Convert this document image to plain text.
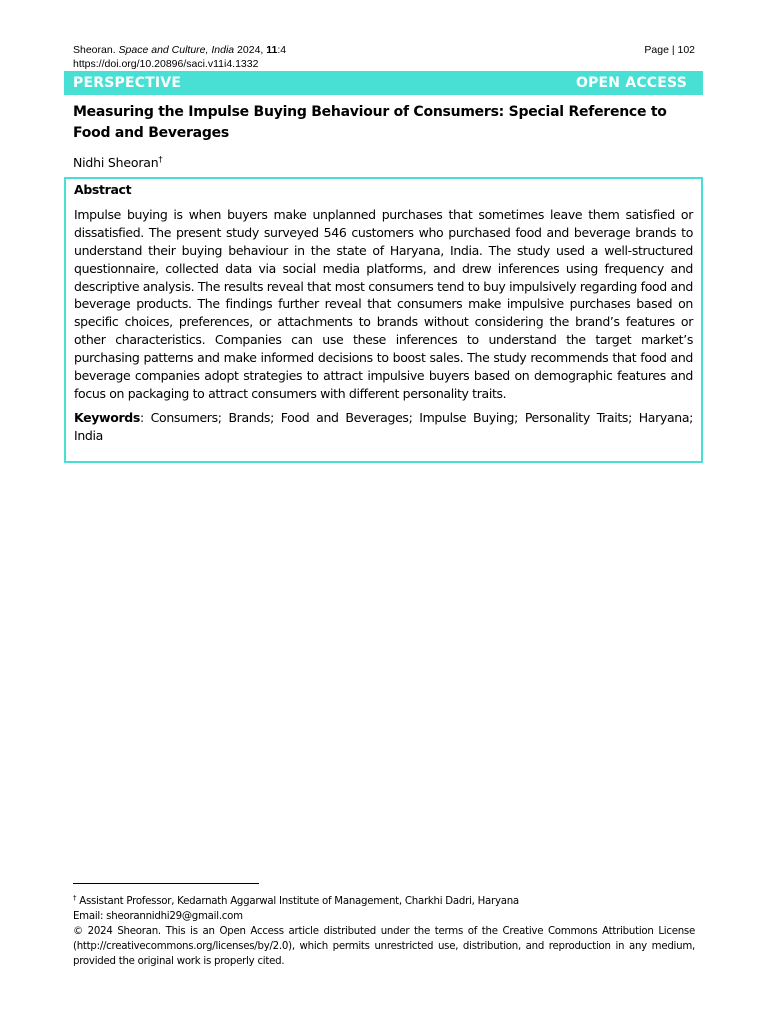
Sheoran. Space and Culture, India 2024, 11:4	Page | 102
https://doi.org/10.20896/saci.v11i4.1332
PERSPECTIVE	OPEN ACCESS
Measuring the Impulse Buying Behaviour of Consumers: Special Reference to Food and Beverages
Nidhi Sheoran†

Abstract

Impulse buying is when buyers make unplanned purchases that sometimes leave them satisfied or dissatisfied. The present study surveyed 546 customers who purchased food and beverage brands to understand their buying behaviour in the state of Haryana, India. The study used a well-structured questionnaire, collected data via social media platforms, and drew inferences using frequency and descriptive analysis. The results reveal that most consumers tend to buy impulsively regarding food and beverage products. The findings further reveal that consumers make impulsive purchases based on specific choices, preferences, or attachments to brands without considering the brand’s features or other characteristics. Companies can use these inferences to understand the target market’s purchasing patterns and make informed decisions to boost sales. The study recommends that food and beverage companies adopt strategies to attract impulsive buyers based on demographic features and focus on packaging to attract consumers with different personality traits.

Keywords: Consumers; Brands; Food and Beverages; Impulse Buying; Personality Traits; Haryana; India

† Assistant Professor, Kedarnath Aggarwal Institute of Management, Charkhi Dadri, Haryana

Email: sheorannidhi29@gmail.com

© 2024 Sheoran. This is an Open Access article distributed under the terms of the Creative Commons Attribution License (http://creativecommons.org/licenses/by/2.0), which permits unrestricted use, distribution, and reproduction in any medium, provided the original work is properly cited.
